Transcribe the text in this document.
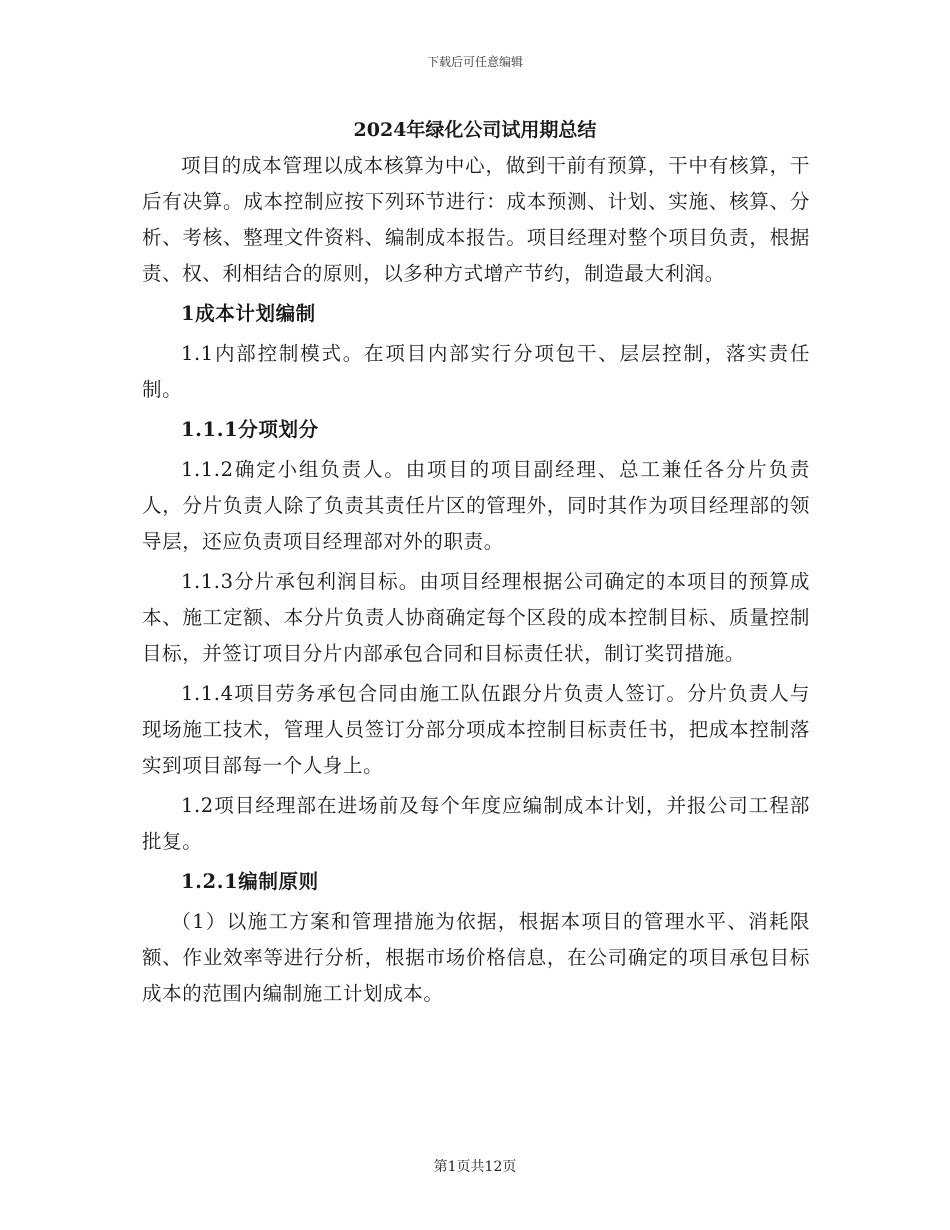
下载后可任意编辑
2024年绿化公司试用期总结

项目的成本管理以成本核算为中心，做到干前有预算，干中有核算，干后有决算。成本控制应按下列环节进行：成本预测、计划、实施、核算、分析、考核、整理文件资料、编制成本报告。项目经理对整个项目负责，根据责、权、利相结合的原则，以多种方式增产节约，制造最大利润。

1成本计划编制

1.1内部控制模式。在项目内部实行分项包干、层层控制，落实责任制。

1.1.1分项划分

1.1.2确定小组负责人。由项目的项目副经理、总工兼任各分片负责人，分片负责人除了负责其责任片区的管理外，同时其作为项目经理部的领导层，还应负责项目经理部对外的职责。

1.1.3分片承包利润目标。由项目经理根据公司确定的本项目的预算成本、施工定额、本分片负责人协商确定每个区段的成本控制目标、质量控制目标，并签订项目分片内部承包合同和目标责任状，制订奖罚措施。

1.1.4项目劳务承包合同由施工队伍跟分片负责人签订。分片负责人与现场施工技术，管理人员签订分部分项成本控制目标责任书，把成本控制落实到项目部每一个人身上。

1.2项目经理部在进场前及每个年度应编制成本计划，并报公司工程部批复。

1.2.1编制原则

（1）以施工方案和管理措施为依据，根据本项目的管理水平、消耗限额、作业效率等进行分析，根据市场价格信息，在公司确定的项目承包目标成本的范围内编制施工计划成本。

第1页共12页
